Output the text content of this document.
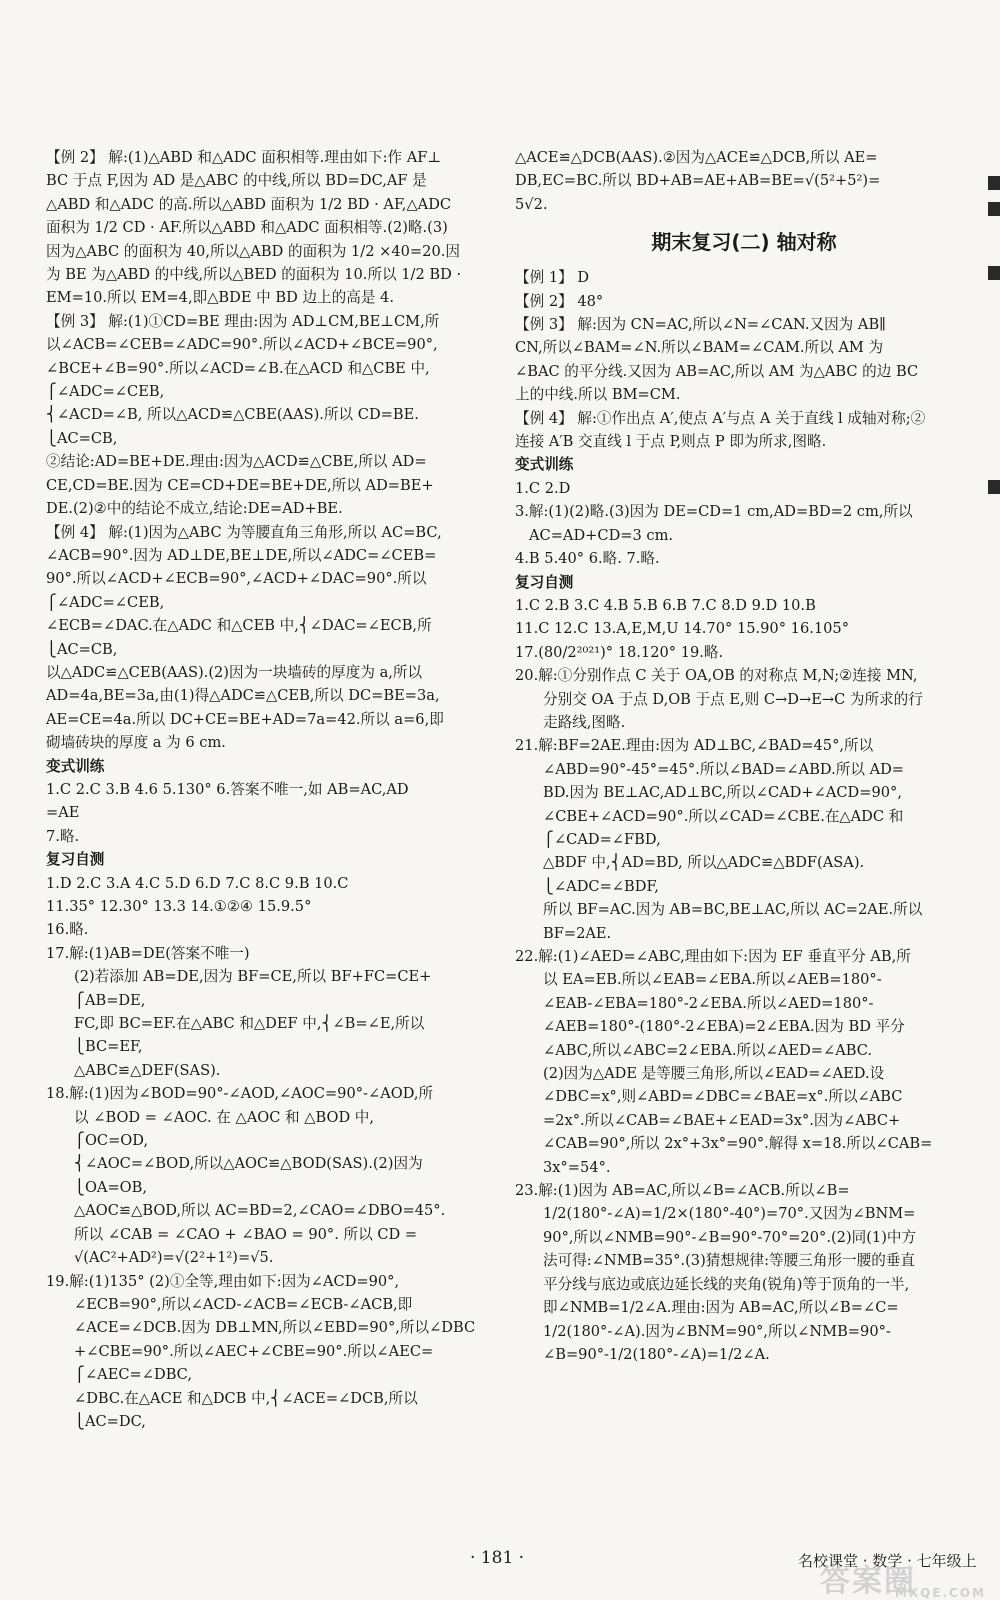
【例 2】 解:(1)△ABD 和△ADC 面积相等.理由如下:作 AF⊥
BC 于点 F,因为 AD 是△ABC 的中线,所以 BD=DC,AF 是
△ABD 和△ADC 的高.所以△ABD 面积为 1/2 BD · AF,△ADC
面积为 1/2 CD · AF.所以△ABD 和△ADC 面积相等.(2)略.(3)
因为△ABC 的面积为 40,所以△ABD 的面积为 1/2 ×40=20.因
为 BE 为△ABD 的中线,所以△BED 的面积为 10.所以 1/2 BD ·
EM=10.所以 EM=4,即△BDE 中 BD 边上的高是 4.
【例 3】 解:(1)①CD=BE 理由:因为 AD⊥CM,BE⊥CM,所
以∠ACB=∠CEB=∠ADC=90°.所以∠ACD+∠BCE=90°,
∠BCE+∠B=90°.所以∠ACD=∠B.在△ACD 和△CBE 中,
⎧∠ADC=∠CEB,
⎨∠ACD=∠B, 所以△ACD≌△CBE(AAS).所以 CD=BE.
⎩AC=CB,
②结论:AD=BE+DE.理由:因为△ACD≌△CBE,所以 AD=
CE,CD=BE.因为 CE=CD+DE=BE+DE,所以 AD=BE+
DE.(2)②中的结论不成立,结论:DE=AD+BE.
【例 4】 解:(1)因为△ABC 为等腰直角三角形,所以 AC=BC,
∠ACB=90°.因为 AD⊥DE,BE⊥DE,所以∠ADC=∠CEB=
90°.所以∠ACD+∠ECB=90°,∠ACD+∠DAC=90°.所以
⎧∠ADC=∠CEB,
∠ECB=∠DAC.在△ADC 和△CEB 中,⎨∠DAC=∠ECB,所
⎩AC=CB,
以△ADC≌△CEB(AAS).(2)因为一块墙砖的厚度为 a,所以
AD=4a,BE=3a,由(1)得△ADC≌△CEB,所以 DC=BE=3a,
AE=CE=4a.所以 DC+CE=BE+AD=7a=42.所以 a=6,即
砌墙砖块的厚度 a 为 6 cm.
变式训练
1.C 2.C 3.B 4.6 5.130° 6.答案不唯一,如 AB=AC,AD
=AE
7.略.
复习自测
1.D 2.C 3.A 4.C 5.D 6.D 7.C 8.C 9.B 10.C
11.35° 12.30° 13.3 14.①②④ 15.9.5°
16.略.
17.解:(1)AB=DE(答案不唯一)
(2)若添加 AB=DE,因为 BF=CE,所以 BF+FC=CE+
⎧AB=DE,
FC,即 BC=EF.在△ABC 和△DEF 中,⎨∠B=∠E,所以
⎩BC=EF,
△ABC≌△DEF(SAS).
18.解:(1)因为∠BOD=90°-∠AOD,∠AOC=90°-∠AOD,所
以 ∠BOD = ∠AOC. 在 △AOC 和 △BOD 中,
⎧OC=OD,
⎨∠AOC=∠BOD,所以△AOC≌△BOD(SAS).(2)因为
⎩OA=OB,
△AOC≌△BOD,所以 AC=BD=2,∠CAO=∠DBO=45°.
所以 ∠CAB = ∠CAO + ∠BAO = 90°. 所以 CD =
√(AC²+AD²)=√(2²+1²)=√5.
19.解:(1)135° (2)①全等,理由如下:因为∠ACD=90°,
∠ECB=90°,所以∠ACD-∠ACB=∠ECB-∠ACB,即
∠ACE=∠DCB.因为 DB⊥MN,所以∠EBD=90°,所以∠DBC
+∠CBE=90°.所以∠AEC+∠CBE=90°.所以∠AEC=
⎧∠AEC=∠DBC,
∠DBC.在△ACE 和△DCB 中,⎨∠ACE=∠DCB,所以
⎩AC=DC,
△ACE≌△DCB(AAS).②因为△ACE≌△DCB,所以 AE=
DB,EC=BC.所以 BD+AB=AE+AB=BE=√(5²+5²)=
5√2.
期末复习(二) 轴对称
【例 1】 D
【例 2】 48°
【例 3】 解:因为 CN=AC,所以∠N=∠CAN.又因为 AB∥
CN,所以∠BAM=∠N.所以∠BAM=∠CAM.所以 AM 为
∠BAC 的平分线.又因为 AB=AC,所以 AM 为△ABC 的边 BC
上的中线.所以 BM=CM.
【例 4】 解:①作出点 A′,使点 A′与点 A 关于直线 l 成轴对称;②
连接 A′B 交直线 l 于点 P,则点 P 即为所求,图略.
变式训练
1.C 2.D
3.解:(1)(2)略.(3)因为 DE=CD=1 cm,AD=BD=2 cm,所以
AC=AD+CD=3 cm.
4.B 5.40° 6.略. 7.略.
复习自测
1.C 2.B 3.C 4.B 5.B 6.B 7.C 8.D 9.D 10.B
11.C 12.C 13.A,E,M,U 14.70° 15.90° 16.105°
17.(80/2²⁰²¹)° 18.120° 19.略.
20.解:①分别作点 C 关于 OA,OB 的对称点 M,N;②连接 MN,
分别交 OA 于点 D,OB 于点 E,则 C→D→E→C 为所求的行
走路线,图略.
21.解:BF=2AE.理由:因为 AD⊥BC,∠BAD=45°,所以
∠ABD=90°-45°=45°.所以∠BAD=∠ABD.所以 AD=
BD.因为 BE⊥AC,AD⊥BC,所以∠CAD+∠ACD=90°,
∠CBE+∠ACD=90°.所以∠CAD=∠CBE.在△ADC 和
⎧∠CAD=∠FBD,
△BDF 中,⎨AD=BD, 所以△ADC≌△BDF(ASA).
⎩∠ADC=∠BDF,
所以 BF=AC.因为 AB=BC,BE⊥AC,所以 AC=2AE.所以
BF=2AE.
22.解:(1)∠AED=∠ABC,理由如下:因为 EF 垂直平分 AB,所
以 EA=EB.所以∠EAB=∠EBA.所以∠AEB=180°-
∠EAB-∠EBA=180°-2∠EBA.所以∠AED=180°-
∠AEB=180°-(180°-2∠EBA)=2∠EBA.因为 BD 平分
∠ABC,所以∠ABC=2∠EBA.所以∠AED=∠ABC.
(2)因为△ADE 是等腰三角形,所以∠EAD=∠AED.设
∠DBC=x°,则∠ABD=∠DBC=∠BAE=x°.所以∠ABC
=2x°.所以∠CAB=∠BAE+∠EAD=3x°.因为∠ABC+
∠CAB=90°,所以 2x°+3x°=90°.解得 x=18.所以∠CAB=
3x°=54°.
23.解:(1)因为 AB=AC,所以∠B=∠ACB.所以∠B=
1/2(180°-∠A)=1/2×(180°-40°)=70°.又因为∠BNM=
90°,所以∠NMB=90°-∠B=90°-70°=20°.(2)同(1)中方
法可得:∠NMB=35°.(3)猜想规律:等腰三角形一腰的垂直
平分线与底边或底边延长线的夹角(锐角)等于顶角的一半,
即∠NMB=1/2∠A.理由:因为 AB=AC,所以∠B=∠C=
1/2(180°-∠A).因为∠BNM=90°,所以∠NMB=90°-
∠B=90°-1/2(180°-∠A)=1/2∠A.
· 181 ·	名校课堂 · 数学 · 七年级上
答案圈
MXQE.COM
